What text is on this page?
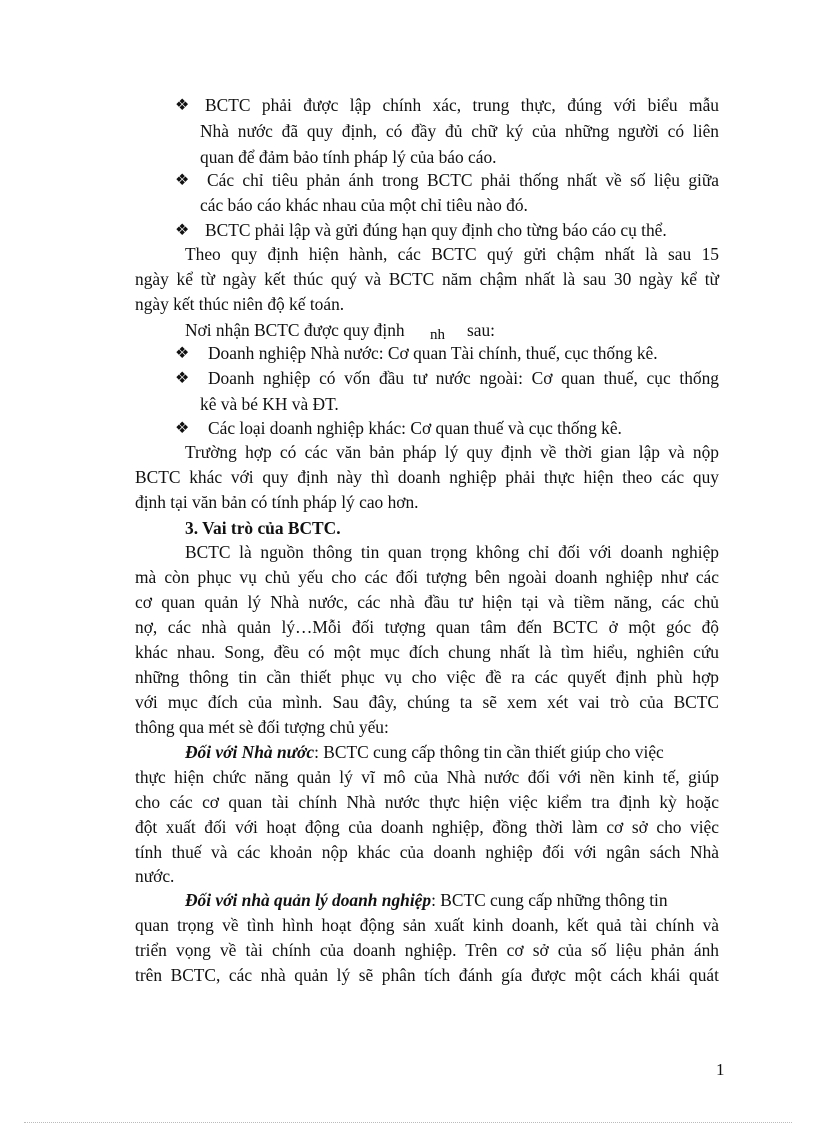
❖ BCTC phải được lập chính xác, trung thực, đúng với biểu mẫu
Nhà nước đã quy định, có đầy đủ chữ ký của những người có liên
quan để đảm bảo tính pháp lý của báo cáo.
❖	Các chỉ tiêu phản ánh trong BCTC phải thống nhất về số liệu giữa
các báo cáo khác nhau của một chỉ tiêu nào đó.
❖ BCTC phải lập và gửi đúng hạn quy định cho từng báo cáo cụ thể.
Theo quy định hiện hành, các BCTC quý gửi chậm nhất là sau 15
ngày kể từ ngày kết thúc quý và BCTC năm chậm nhất là sau 30 ngày kể từ
ngày kết thúc niên độ kế toán.
Nơi nhận BCTC được quy định nh sau:
❖	Doanh nghiệp Nhà nước: Cơ quan Tài chính, thuế, cục thống kê.
❖	Doanh nghiệp có vốn đầu tư nước ngoài: Cơ quan thuế, cục thống
kê và bé KH và ĐT.
❖	Các loại doanh nghiệp khác: Cơ quan thuế và cục thống kê.
Trường hợp có các văn bản pháp lý quy định về thời gian lập và nộp
BCTC khác với quy định này thì doanh nghiệp phải thực hiện theo các quy
định tại văn bản có tính pháp lý cao hơn.
3. Vai trò của BCTC.
BCTC là nguồn thông tin quan trọng không chỉ đối với doanh nghiệp
mà còn phục vụ chủ yếu cho các đối tượng bên ngoài doanh nghiệp như các
cơ quan quản lý Nhà nước, các nhà đầu tư hiện tại và tiềm năng, các chủ
nợ, các nhà quản lý…Mỗi đối tượng quan tâm đến BCTC ở một góc độ
khác nhau. Song, đều có một mục đích chung nhất là tìm hiểu, nghiên cứu
những thông tin cần thiết phục vụ cho việc đề ra các quyết định phù hợp
với mục đích của mình. Sau đây, chúng ta sẽ xem xét vai trò của BCTC
thông qua mét sè đối tượng chủ yếu:
Đối với Nhà nước: BCTC cung cấp thông tin cần thiết giúp cho việc
thực hiện chức năng quản lý vĩ mô của Nhà nước đối với nền kinh tế, giúp
cho các cơ quan tài chính Nhà nước thực hiện việc kiểm tra định kỳ hoặc
đột xuất đối với hoạt động của doanh nghiệp, đồng thời làm cơ sở cho việc
tính thuế và các khoản nộp khác của doanh nghiệp đối với ngân sách Nhà
nước.
Đối với nhà quản lý doanh nghiệp: BCTC cung cấp những thông tin
quan trọng về tình hình hoạt động sản xuất kinh doanh, kết quả tài chính và
triển vọng về tài chính của doanh nghiệp. Trên cơ sở của số liệu phản ánh
trên BCTC, các nhà quản lý sẽ phân tích đánh gía được một cách khái quát
1
